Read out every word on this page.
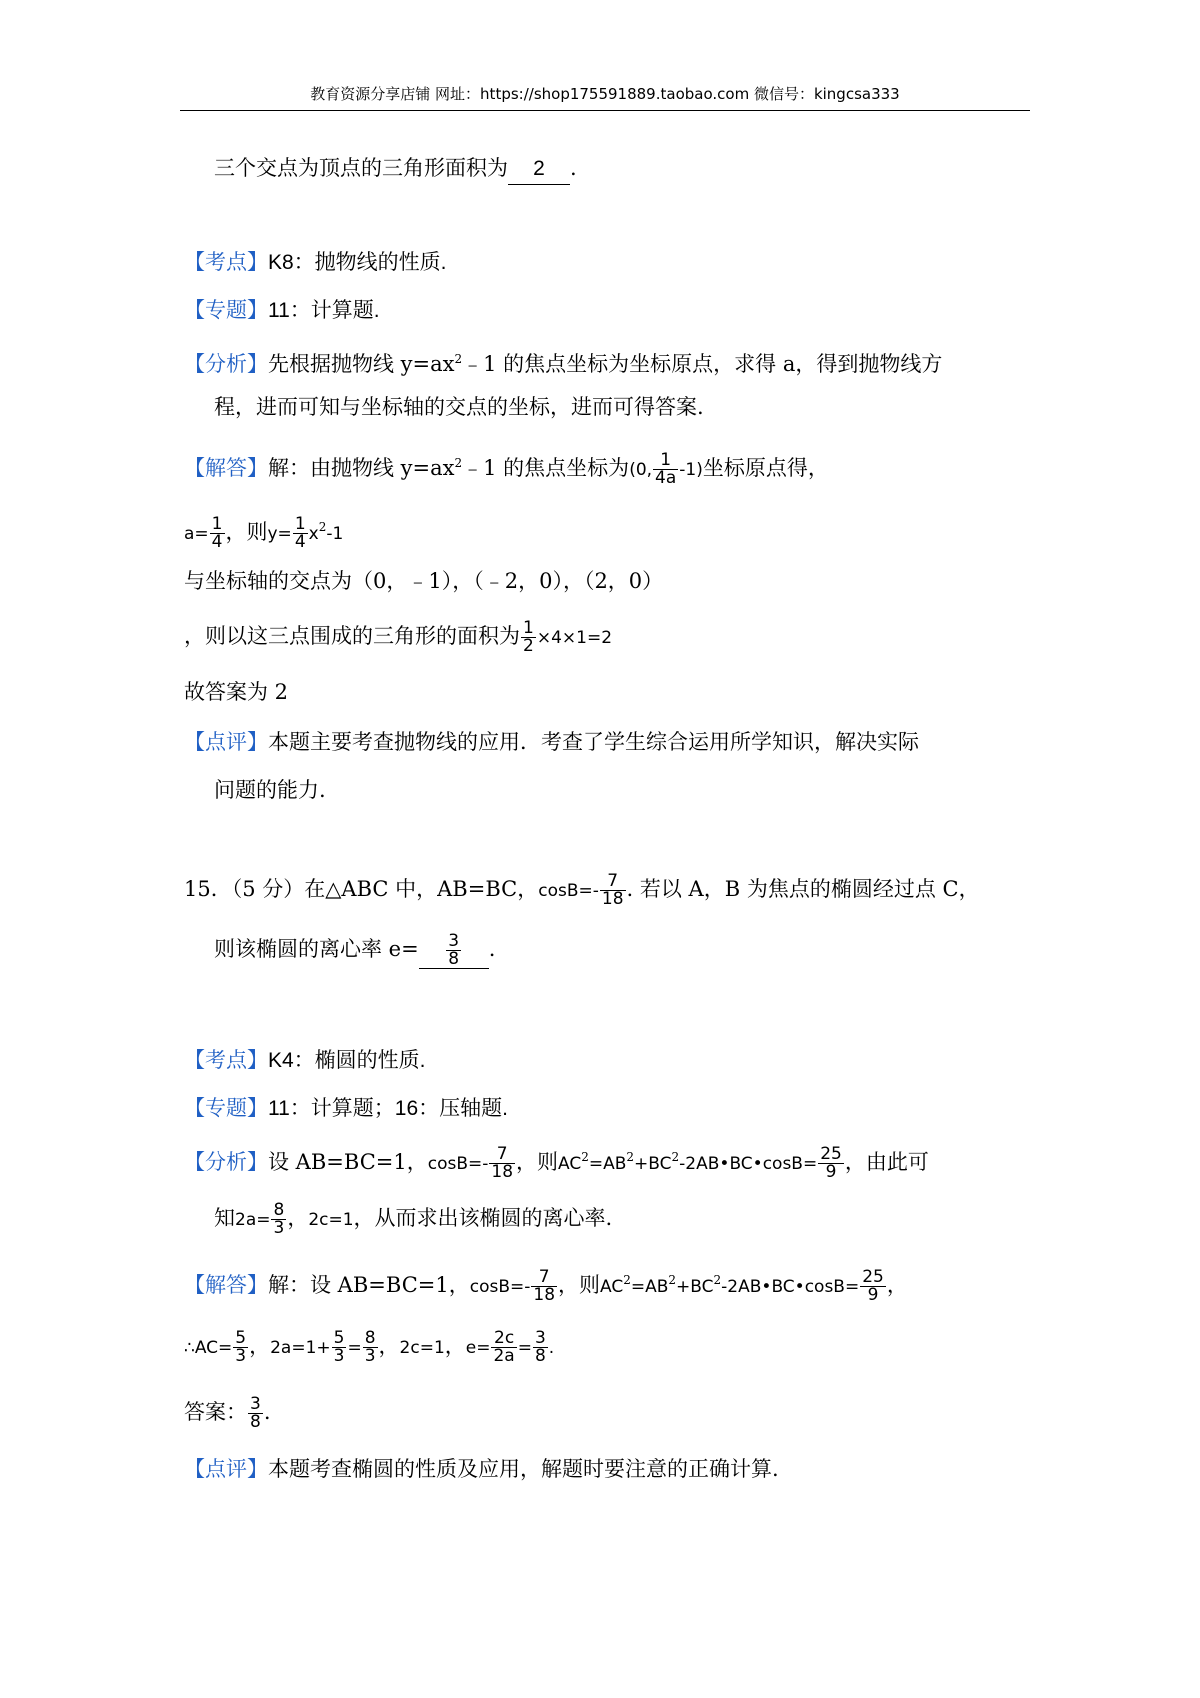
教育资源分享店铺 网址：https://shop175591889.taobao.com 微信号：kingcsa333
三个交点为顶点的三角形面积为 2 .
【考点】K8：抛物线的性质.
【专题】11：计算题.
【分析】先根据抛物线 $y=ax^2﹣1$ 的焦点坐标为坐标原点，求得 a，得到抛物线方
程，进而可知与坐标轴的交点的坐标，进而可得答案.
【解答】解：由抛物线 $y=ax^2﹣1$ 的焦点坐标为(0, $\frac{1}{4a} -1$)坐标原点得，
$a= \frac{1}{4}$ ，则$y= \frac{1}{4} x^2-1$
与坐标轴的交点为（0，﹣1），（﹣2，0），（2，0）
，则以这三点围成的三角形的面积为 $\frac{1}{2} \times 4\times 1=2$
故答案为 2
【点评】本题主要考查抛物线的应用．考查了学生综合运用所学知识，解决实际
问题的能力.
15．（5 分）在△ABC 中，AB=BC，$\cos B=- \frac{7}{18}$ . 若以 A，B 为焦点的椭圆经过点 C，
则该椭圆的离心率 $e= \frac{3}{8}$ .
【考点】K4：椭圆的性质.
【专题】11：计算题；16：压轴题.
【分析】设 AB=BC=1，$\cos B=- \frac{7}{18}$ ，则$AC^2=AB^2+BC^2-2AB•BC•\cos B= \frac{25}{9}$ ，由此可
知$2a= \frac{8}{3}$ ，2c=1，从而求出该椭圆的离心率.
【解答】解：设 AB=BC=1，$\cos B=- \frac{7}{18}$ ，则$AC^2=AB^2+BC^2-2AB•BC•\cos B= \frac{25}{9}$ ，
∴AC= $\frac{5}{3}$ ，$2a=1+ \frac{5}{3} = \frac{8}{3}$ ，2c=1，$e= \frac{2c}{2a} = \frac{3}{8}$ .
答案： $\frac{3}{8}$ .
【点评】本题考查椭圆的性质及应用，解题时要注意的正确计算.
